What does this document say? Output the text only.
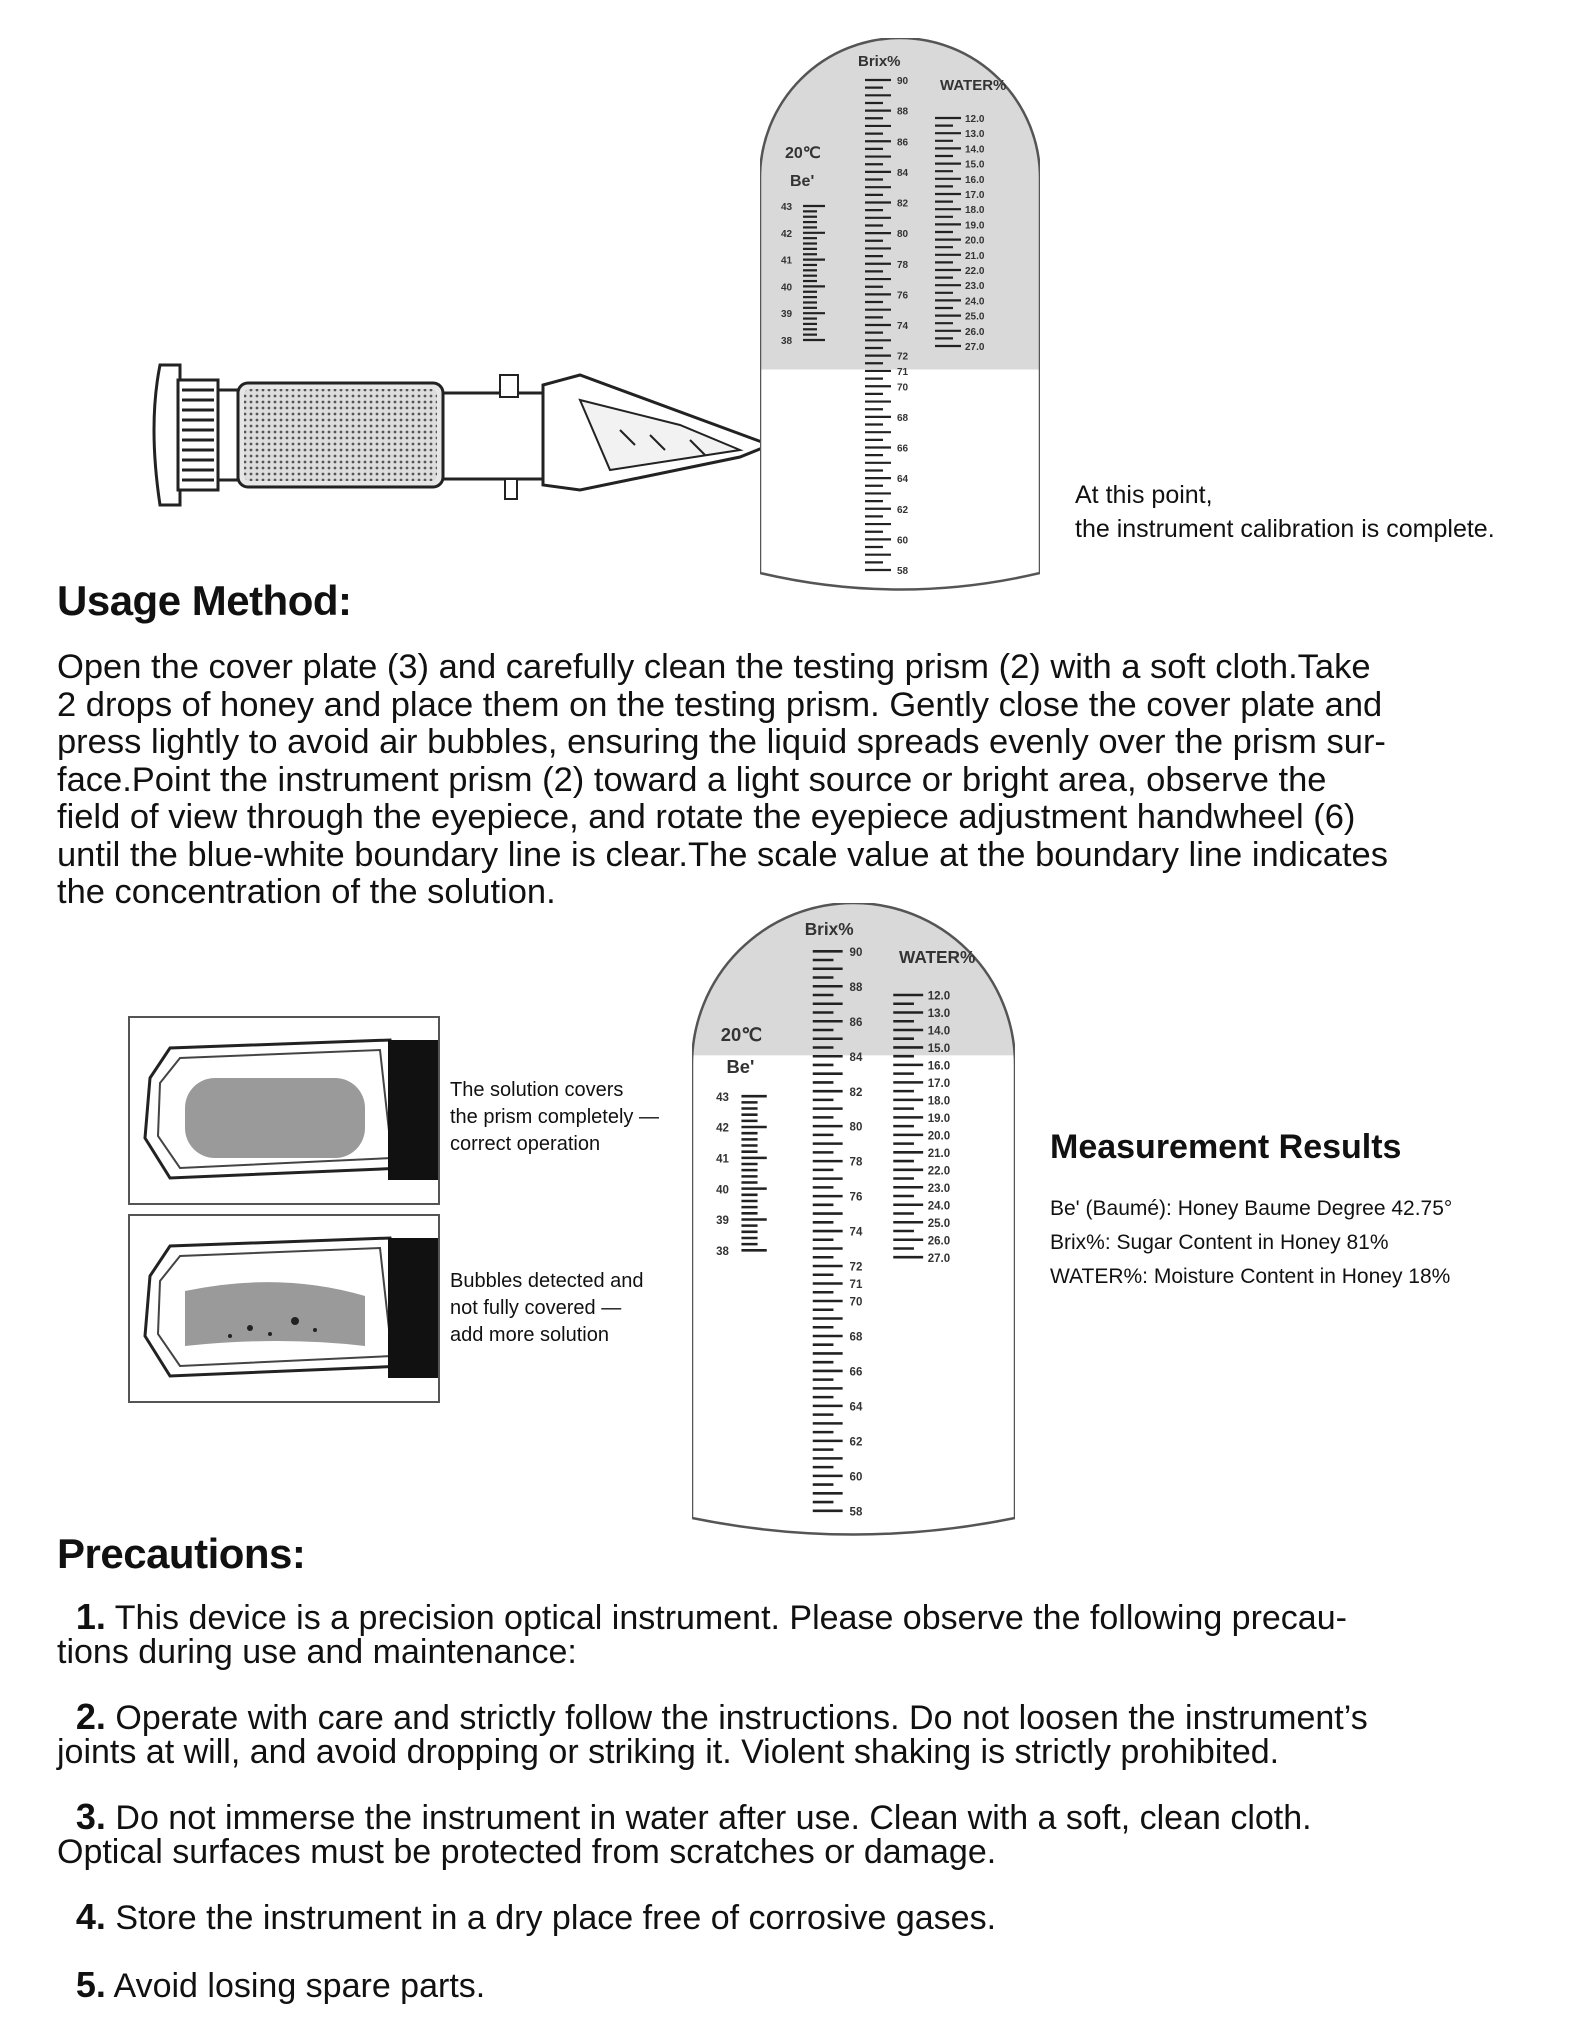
Brix%
WATER%
20℃
Be'
90
88
86
84
82
80
78
76
74
72
71
70
68
66
64
62
60
58
12.0
13.0
14.0
15.0
16.0
17.0
18.0
19.0
20.0
21.0
22.0
23.0
24.0
25.0
26.0
27.0
43
42
41
40
39
38
At this point,
the instrument calibration is complete.
Usage Method:
Open the cover plate (3) and carefully clean the testing prism (2) with a soft cloth.Take
2 drops of honey and place them on the testing prism. Gently close the cover plate and
press lightly to avoid air bubbles, ensuring the liquid spreads evenly over the prism sur-
face.Point the instrument prism (2) toward a light source or bright area, observe the
field of view through the eyepiece, and rotate the eyepiece adjustment handwheel (6)
until the blue-white boundary line is clear.The scale value at the boundary line indicates
the concentration of the solution.
The solution covers
the prism completely —
correct operation
Bubbles detected and
not fully covered —
add more solution
Brix%
WATER%
20℃
Be'
90
88
86
84
82
80
78
76
74
72
71
70
68
66
64
62
60
58
12.0
13.0
14.0
15.0
16.0
17.0
18.0
19.0
20.0
21.0
22.0
23.0
24.0
25.0
26.0
27.0
43
42
41
40
39
38
Measurement Results
Be' (Baumé): Honey Baume Degree 42.75°
Brix%: Sugar Content in Honey 81%
WATER%: Moisture Content in Honey 18%
Precautions:
1. This device is a precision optical instrument. Please observe the following precau-
tions during use and maintenance:
2. Operate with care and strictly follow the instructions. Do not loosen the instrument’s
joints at will, and avoid dropping or striking it. Violent shaking is strictly prohibited.
3. Do not immerse the instrument in water after use. Clean with a soft, clean cloth.
Optical surfaces must be protected from scratches or damage.
4. Store the instrument in a dry place free of corrosive gases.
5. Avoid losing spare parts.
